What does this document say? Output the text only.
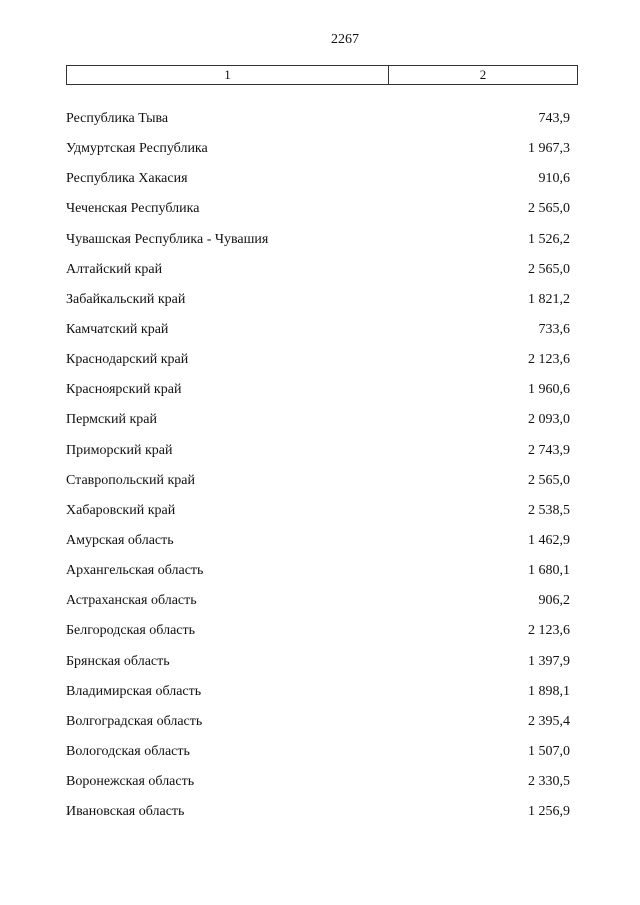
2267
1	2
Республика Тыва	743,9
Удмуртская Республика	1 967,3
Республика Хакасия	910,6
Чеченская Республика	2 565,0
Чувашская Республика - Чувашия	1 526,2
Алтайский край	2 565,0
Забайкальский край	1 821,2
Камчатский край	733,6
Краснодарский край	2 123,6
Красноярский край	1 960,6
Пермский край	2 093,0
Приморский край	2 743,9
Ставропольский край	2 565,0
Хабаровский край	2 538,5
Амурская область	1 462,9
Архангельская область	1 680,1
Астраханская область	906,2
Белгородская область	2 123,6
Брянская область	1 397,9
Владимирская область	1 898,1
Волгоградская область	2 395,4
Вологодская область	1 507,0
Воронежская область	2 330,5
Ивановская область	1 256,9
